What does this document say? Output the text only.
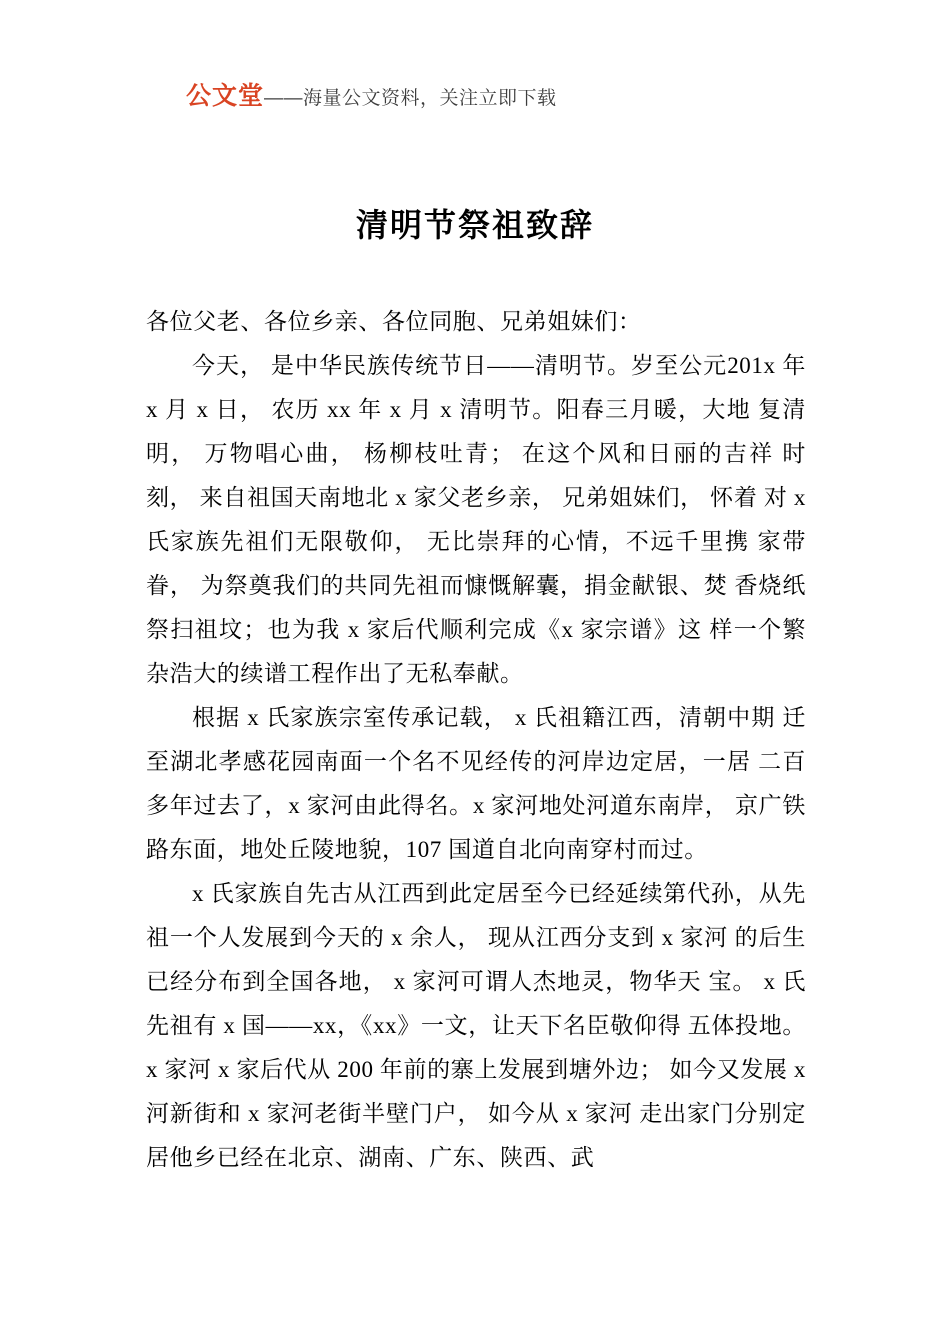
公文堂——海量公文资料，关注立即下载
清明节祭祖致辞

各位父老、各位乡亲、各位同胞、兄弟姐妹们：

今天， 是中华民族传统节日——清明节。岁至公元201x 年 x 月 x 日， 农历 xx 年 x 月 x 清明节。阳春三月暖，大地 复清明， 万物唱心曲， 杨柳枝吐青； 在这个风和日丽的吉祥 时刻， 来自祖国天南地北 x 家父老乡亲， 兄弟姐妹们， 怀着 对 x 氏家族先祖们无限敬仰， 无比崇拜的心情，不远千里携 家带眷， 为祭奠我们的共同先祖而慷慨解囊，捐金献银、焚 香烧纸祭扫祖坟；也为我 x 家后代顺利完成《x 家宗谱》这 样一个繁杂浩大的续谱工程作出了无私奉献。

根据 x 氏家族宗室传承记载， x 氏祖籍江西，清朝中期 迁至湖北孝感花园南面一个名不见经传的河岸边定居，一居 二百多年过去了，x 家河由此得名。x 家河地处河道东南岸， 京广铁路东面，地处丘陵地貌，107 国道自北向南穿村而过。

x 氏家族自先古从江西到此定居至今已经延续第代孙，从先祖一个人发展到今天的 x 余人， 现从江西分支到 x 家河 的后生已经分布到全国各地， x 家河可谓人杰地灵，物华天 宝。 x 氏先祖有 x 国——xx，《xx》一文，让天下名臣敬仰得 五体投地。x 家河 x 家后代从 200 年前的寨上发展到塘外边； 如今又发展 x 河新街和 x 家河老街半壁门户， 如今从 x 家河 走出家门分别定居他乡已经在北京、湖南、广东、陕西、武
